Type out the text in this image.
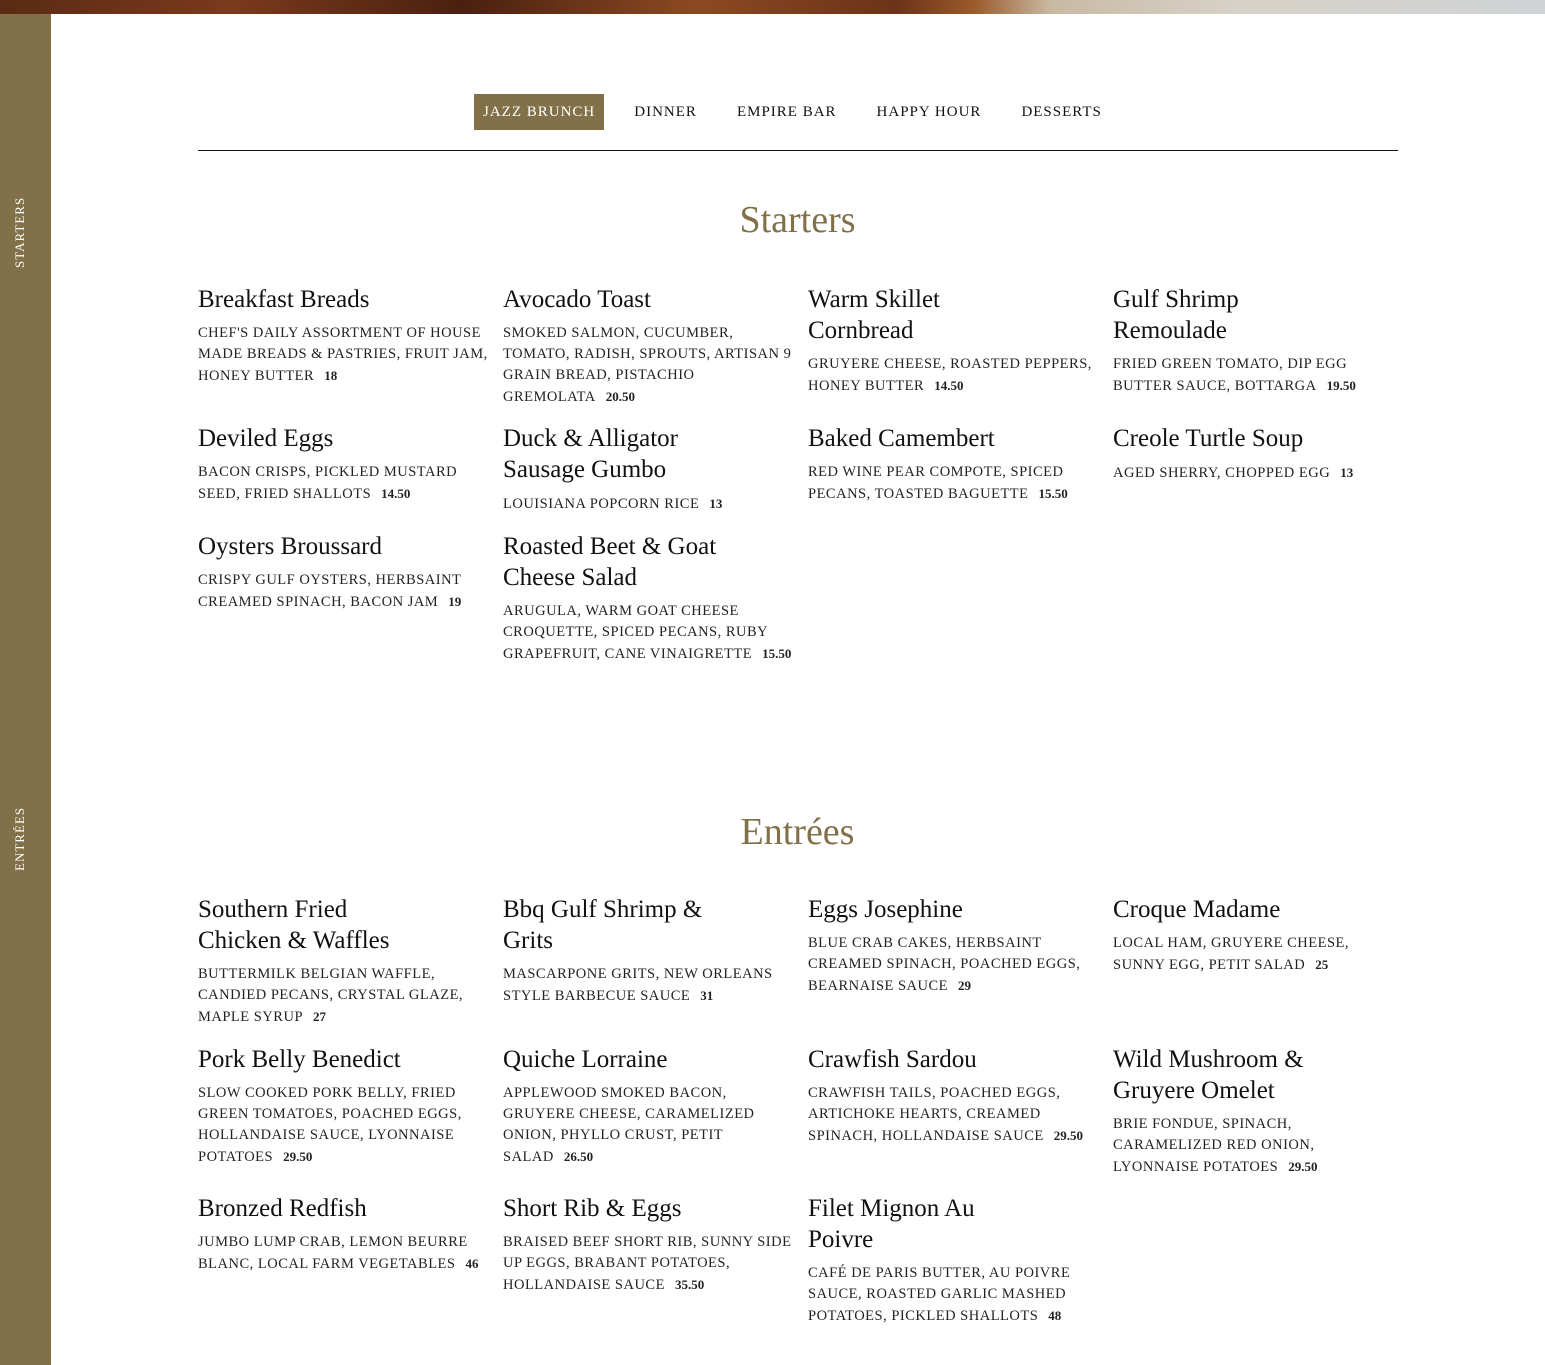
STARTERS
ENTRÉES
JAZZ BRUNCH	DINNER	EMPIRE BAR	HAPPY HOUR	DESSERTS
Starters
Breakfast Breads

CHEF'S DAILY ASSORTMENT OF HOUSE MADE BREADS & PASTRIES, FRUIT JAM, HONEY BUTTER 18

Avocado Toast

SMOKED SALMON, CUCUMBER, TOMATO, RADISH, SPROUTS, ARTISAN 9 GRAIN BREAD, PISTACHIO GREMOLATA 20.50

Warm Skillet Cornbread

GRUYERE CHEESE, ROASTED PEPPERS, HONEY BUTTER 14.50

Gulf Shrimp Remoulade

FRIED GREEN TOMATO, DIP EGG BUTTER SAUCE, BOTTARGA 19.50

Deviled Eggs

BACON CRISPS, PICKLED MUSTARD SEED, FRIED SHALLOTS 14.50

Duck & Alligator Sausage Gumbo

LOUISIANA POPCORN RICE 13

Baked Camembert

RED WINE PEAR COMPOTE, SPICED PECANS, TOASTED BAGUETTE 15.50

Creole Turtle Soup

AGED SHERRY, CHOPPED EGG 13

Oysters Broussard

CRISPY GULF OYSTERS, HERBSAINT CREAMED SPINACH, BACON JAM 19

Roasted Beet & Goat Cheese Salad

ARUGULA, WARM GOAT CHEESE CROQUETTE, SPICED PECANS, RUBY GRAPEFRUIT, CANE VINAIGRETTE 15.50

Entrées
Southern Fried Chicken & Waffles

BUTTERMILK BELGIAN WAFFLE, CANDIED PECANS, CRYSTAL GLAZE, MAPLE SYRUP 27

Bbq Gulf Shrimp & Grits

MASCARPONE GRITS, NEW ORLEANS STYLE BARBECUE SAUCE 31

Eggs Josephine

BLUE CRAB CAKES, HERBSAINT CREAMED SPINACH, POACHED EGGS, BEARNAISE SAUCE 29

Croque Madame

LOCAL HAM, GRUYERE CHEESE, SUNNY EGG, PETIT SALAD 25

Pork Belly Benedict

SLOW COOKED PORK BELLY, FRIED GREEN TOMATOES, POACHED EGGS, HOLLANDAISE SAUCE, LYONNAISE POTATOES 29.50

Quiche Lorraine

APPLEWOOD SMOKED BACON, GRUYERE CHEESE, CARAMELIZED ONION, PHYLLO CRUST, PETIT SALAD 26.50

Crawfish Sardou

CRAWFISH TAILS, POACHED EGGS, ARTICHOKE HEARTS, CREAMED SPINACH, HOLLANDAISE SAUCE 29.50

Wild Mushroom & Gruyere Omelet

BRIE FONDUE, SPINACH, CARAMELIZED RED ONION, LYONNAISE POTATOES 29.50

Bronzed Redfish

JUMBO LUMP CRAB, LEMON BEURRE BLANC, LOCAL FARM VEGETABLES 46

Short Rib & Eggs

BRAISED BEEF SHORT RIB, SUNNY SIDE UP EGGS, BRABANT POTATOES, HOLLANDAISE SAUCE 35.50

Filet Mignon Au Poivre

CAFÉ DE PARIS BUTTER, AU POIVRE SAUCE, ROASTED GARLIC MASHED POTATOES, PICKLED SHALLOTS 48
